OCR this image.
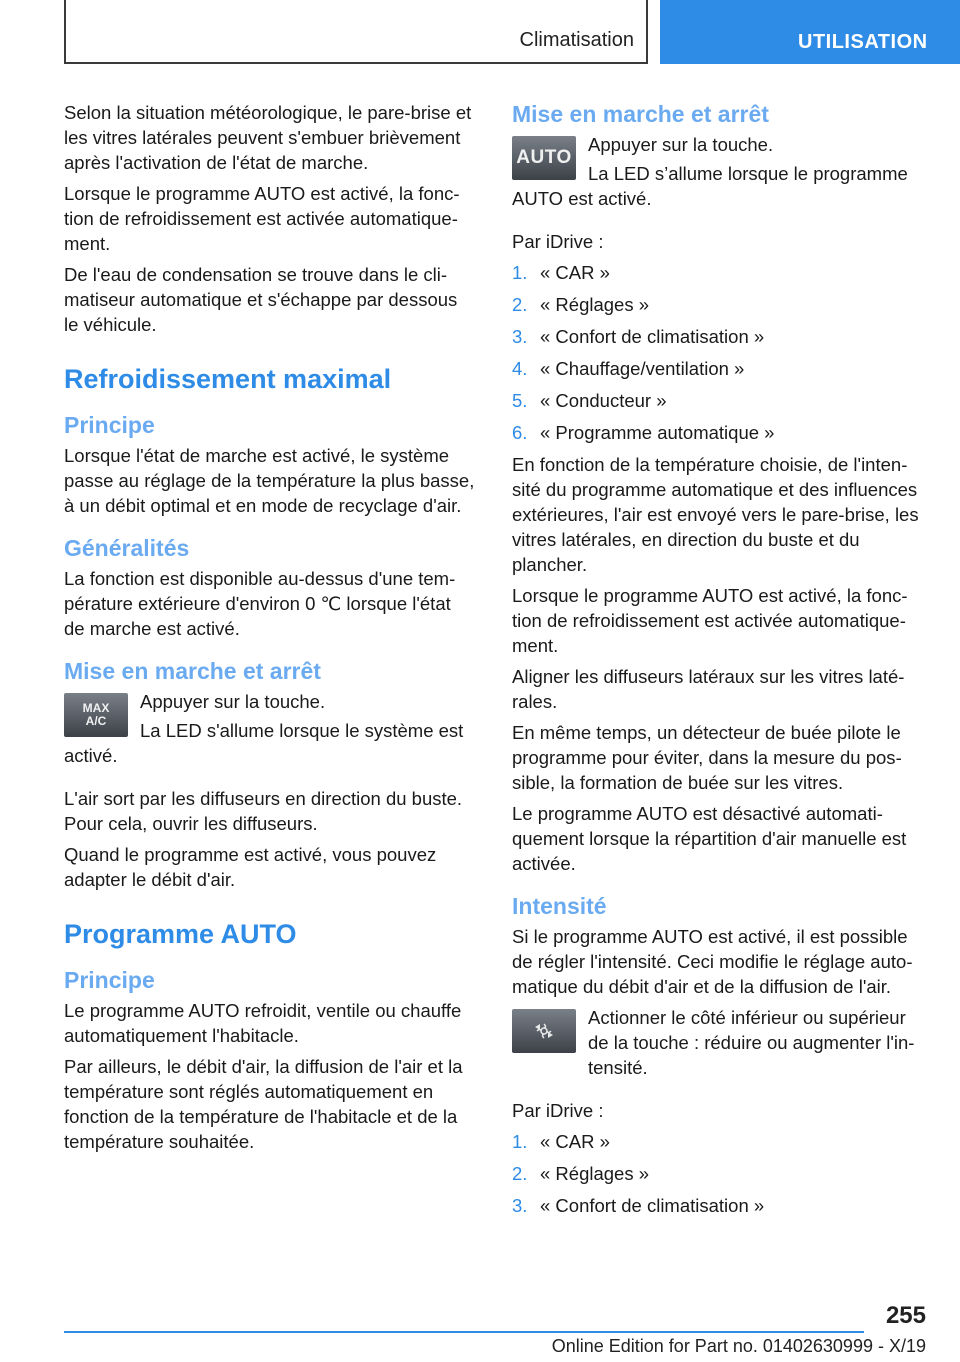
Climatisation	UTILISATION

Selon la situation météorologique, le pare-brise et les vitres latérales peuvent s'embuer brièvement après l'activation de l'état de marche.

Lorsque le programme AUTO est activé, la fonction de refroidissement est activée automatiquement.

De l'eau de condensation se trouve dans le climatiseur automatique et s'échappe par dessous le véhicule.

Refroidissement maximal
Principe

Lorsque l'état de marche est activé, le système passe au réglage de la température la plus basse, à un débit optimal et en mode de recyclage d'air.

Généralités

La fonction est disponible au-dessus d'une température extérieure d'environ 0 ℃ lorsque l'état de marche est activé.

Mise en marche et arrêt
MAX
A/C

Appuyer sur la touche.

La LED s'allume lorsque le système est activé.

L'air sort par les diffuseurs en direction du buste. Pour cela, ouvrir les diffuseurs.

Quand le programme est activé, vous pouvez adapter le débit d'air.

Programme AUTO
Principe

Le programme AUTO refroidit, ventile ou chauffe automatiquement l'habitacle.

Par ailleurs, le débit d'air, la diffusion de l'air et la température sont réglés automatiquement en fonction de la température de l'habitacle et de la température souhaitée.

Mise en marche et arrêt
AUTO

Appuyer sur la touche.

La LED s’allume lorsque le programme AUTO est activé.

Par iDrive :

1. « CAR »
2. « Réglages »
3. « Confort de climatisation »
4. « Chauffage/ventilation »
5. « Conducteur »
6. « Programme automatique »

En fonction de la température choisie, de l'intensité du programme automatique et des influences extérieures, l'air est envoyé vers le pare-brise, les vitres latérales, en direction du buste et du plancher.

Lorsque le programme AUTO est activé, la fonction de refroidissement est activée automatiquement.

Aligner les diffuseurs latéraux sur les vitres latérales.

En même temps, un détecteur de buée pilote le programme pour éviter, dans la mesure du possible, la formation de buée sur les vitres.

Le programme AUTO est désactivé automatiquement lorsque la répartition d'air manuelle est activée.

Intensité

Si le programme AUTO est activé, il est possible de régler l'intensité. Ceci modifie le réglage automatique du débit d'air et de la diffusion de l'air.

Actionner le côté inférieur ou supérieur de la touche : réduire ou augmenter l'intensité.

Par iDrive :

1. « CAR »
2. « Réglages »
3. « Confort de climatisation »
255
Online Edition for Part no. 01402630999 - X/19
